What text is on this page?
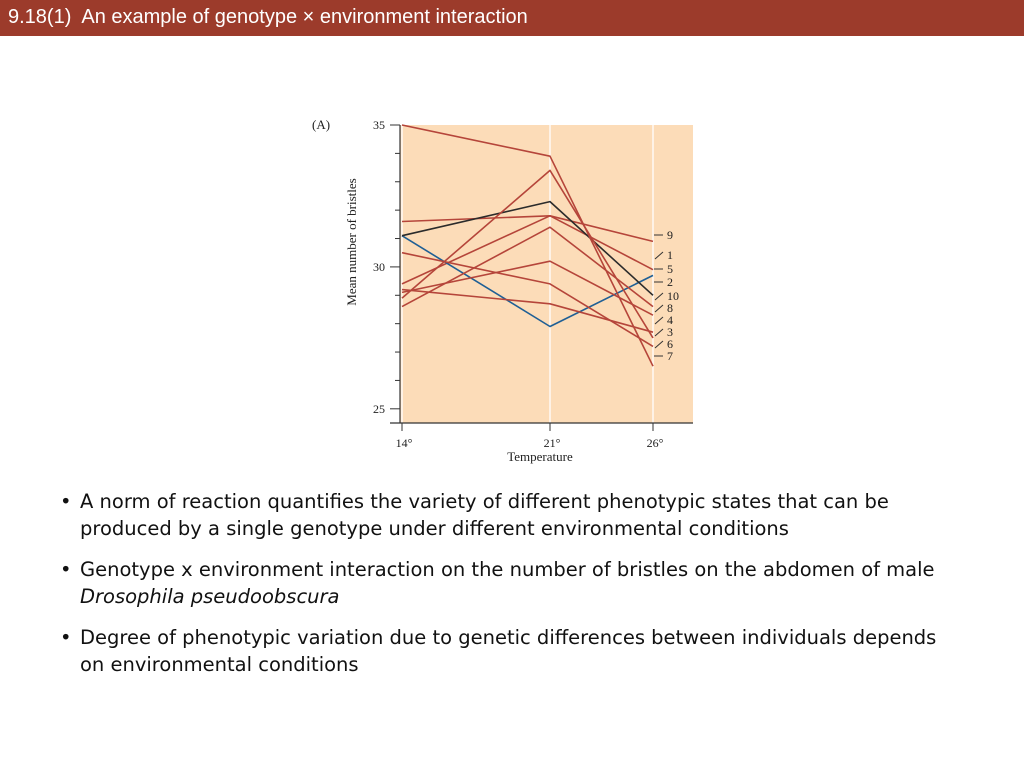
9.18(1)  An example of genotype × environment interaction
25
30
35
14°	21°	26°
9
1
5
2
10
8
4
3
6
7
(A)
Temperature
Mean number of bristles
• A norm of reaction quantifies the variety of different phenotypic states that can be produced by a single genotype under different environmental conditions
• Genotype x environment interaction on the number of bristles on the abdomen of male Drosophila pseudoobscura
• Degree of phenotypic variation due to genetic differences between individuals depends on environmental conditions
